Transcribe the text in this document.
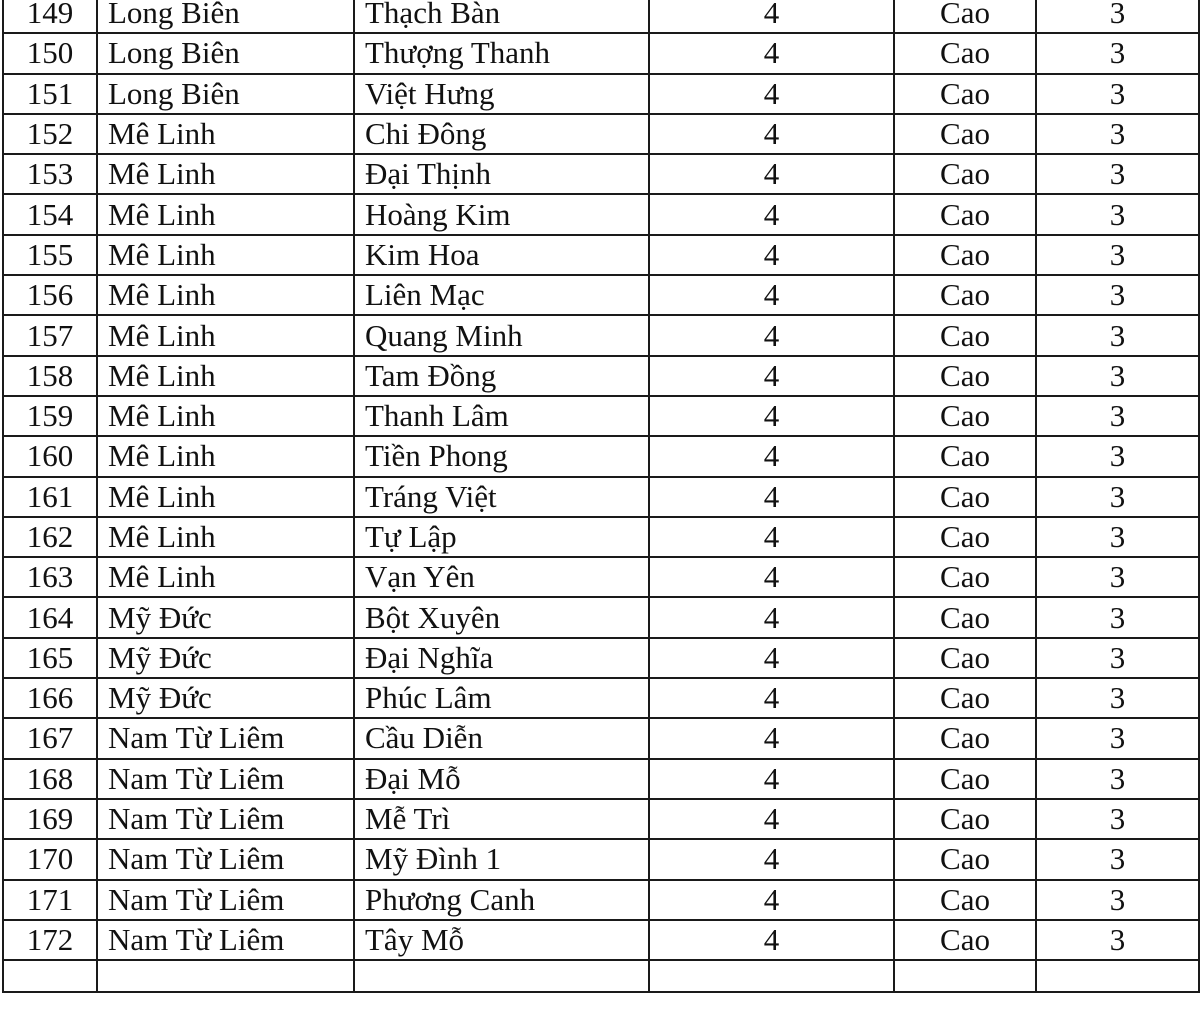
149	Long Biên	Thạch Bàn	4	Cao	3
150	Long Biên	Thượng Thanh	4	Cao	3
151	Long Biên	Việt Hưng	4	Cao	3
152	Mê Linh	Chi Đông	4	Cao	3
153	Mê Linh	Đại Thịnh	4	Cao	3
154	Mê Linh	Hoàng Kim	4	Cao	3
155	Mê Linh	Kim Hoa	4	Cao	3
156	Mê Linh	Liên Mạc	4	Cao	3
157	Mê Linh	Quang Minh	4	Cao	3
158	Mê Linh	Tam Đồng	4	Cao	3
159	Mê Linh	Thanh Lâm	4	Cao	3
160	Mê Linh	Tiền Phong	4	Cao	3
161	Mê Linh	Tráng Việt	4	Cao	3
162	Mê Linh	Tự Lập	4	Cao	3
163	Mê Linh	Vạn Yên	4	Cao	3
164	Mỹ Đức	Bột Xuyên	4	Cao	3
165	Mỹ Đức	Đại Nghĩa	4	Cao	3
166	Mỹ Đức	Phúc Lâm	4	Cao	3
167	Nam Từ Liêm	Cầu Diễn	4	Cao	3
168	Nam Từ Liêm	Đại Mỗ	4	Cao	3
169	Nam Từ Liêm	Mễ Trì	4	Cao	3
170	Nam Từ Liêm	Mỹ Đình 1	4	Cao	3
171	Nam Từ Liêm	Phương Canh	4	Cao	3
172	Nam Từ Liêm	Tây Mỗ	4	Cao	3
